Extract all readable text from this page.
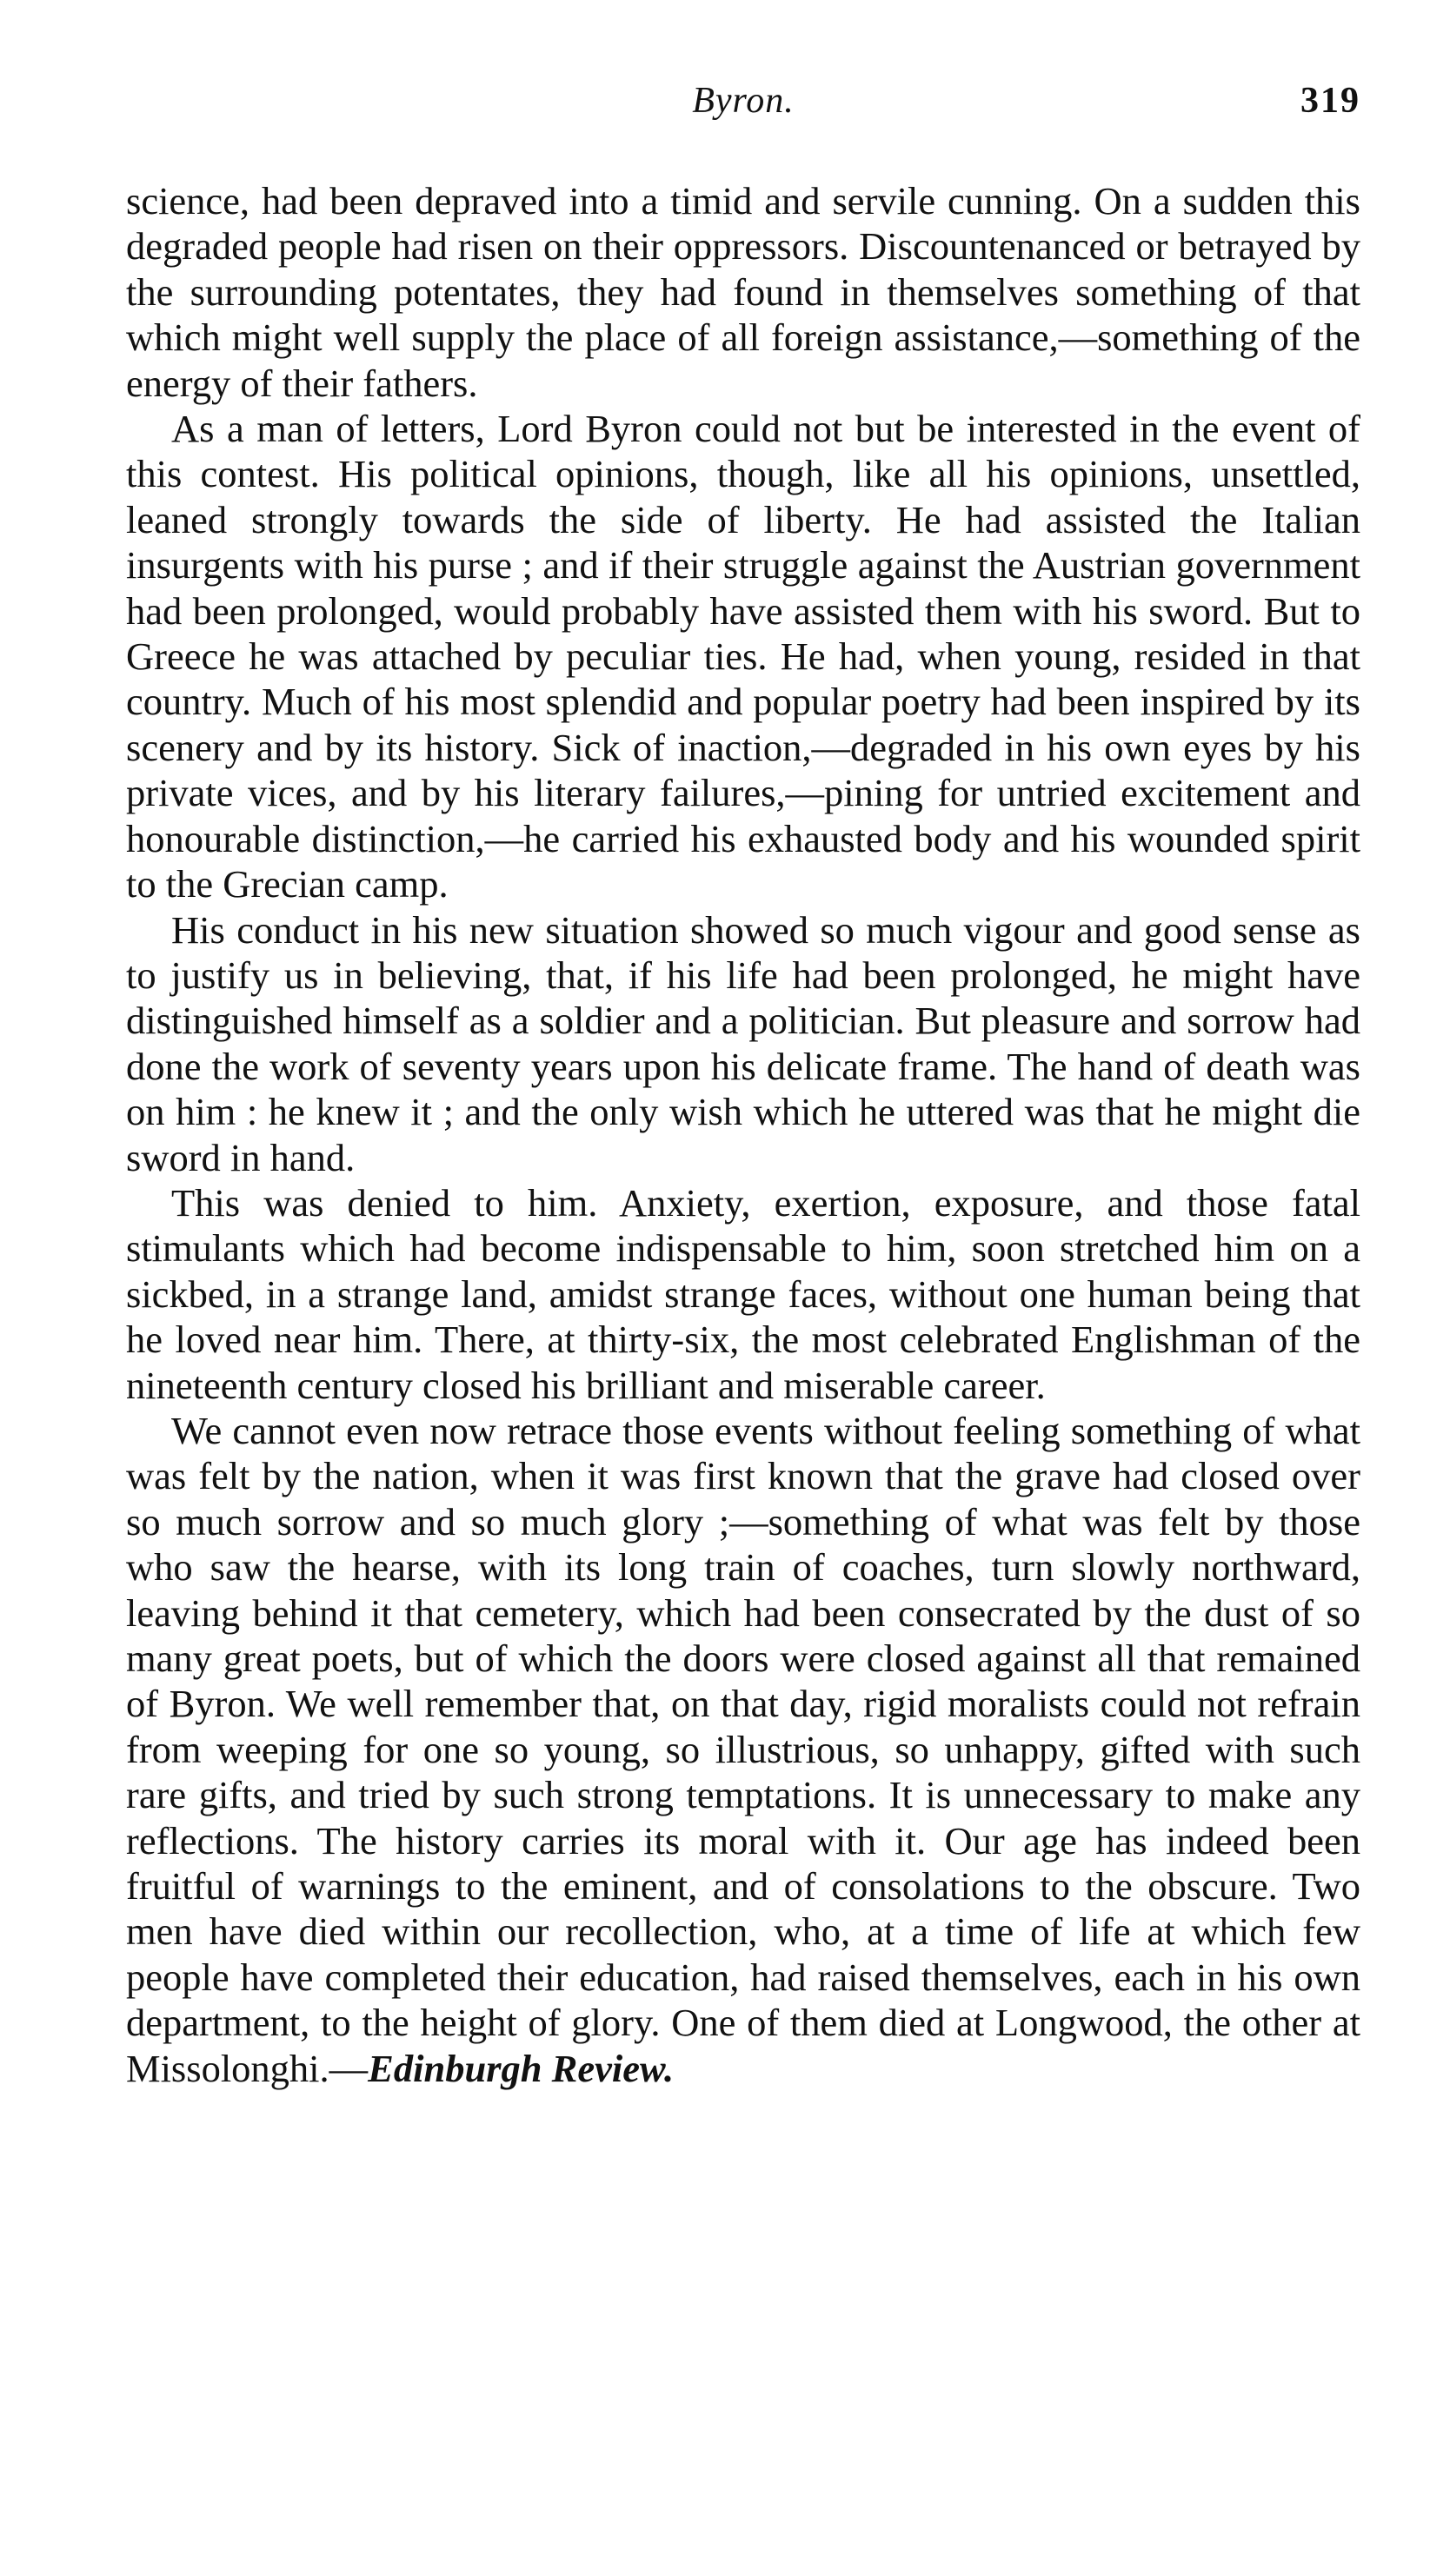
Byron.	319

science, had been depraved into a timid and servile cunning. On a sudden this degraded people had risen on their oppressors. Discountenanced or betrayed by the surrounding potentates, they had found in themselves something of that which might well supply the place of all foreign assistance,—something of the energy of their fathers.

As a man of letters, Lord Byron could not but be interested in the event of this contest. His political opinions, though, like all his opinions, unsettled, leaned strongly towards the side of liberty. He had assisted the Italian insurgents with his purse ; and if their struggle against the Austrian government had been prolonged, would probably have assisted them with his sword. But to Greece he was attached by peculiar ties. He had, when young, resided in that country. Much of his most splendid and popular poetry had been inspired by its scenery and by its history. Sick of inaction,—degraded in his own eyes by his private vices, and by his literary failures,—pining for untried excitement and honourable distinction,—he carried his exhausted body and his wounded spirit to the Grecian camp.

His conduct in his new situation showed so much vigour and good sense as to justify us in believing, that, if his life had been prolonged, he might have distinguished himself as a soldier and a politician. But pleasure and sorrow had done the work of seventy years upon his delicate frame. The hand of death was on him : he knew it ; and the only wish which he uttered was that he might die sword in hand.

This was denied to him. Anxiety, exertion, exposure, and those fatal stimulants which had become indispensable to him, soon stretched him on a sickbed, in a strange land, amidst strange faces, without one human being that he loved near him. There, at thirty-six, the most celebrated Englishman of the nineteenth century closed his brilliant and miserable career.

We cannot even now retrace those events without feeling something of what was felt by the nation, when it was first known that the grave had closed over so much sorrow and so much glory ;—something of what was felt by those who saw the hearse, with its long train of coaches, turn slowly northward, leaving behind it that cemetery, which had been consecrated by the dust of so many great poets, but of which the doors were closed against all that remained of Byron. We well remember that, on that day, rigid moralists could not refrain from weeping for one so young, so illustrious, so unhappy, gifted with such rare gifts, and tried by such strong temptations. It is unnecessary to make any reflections. The history carries its moral with it. Our age has indeed been fruitful of warnings to the eminent, and of consolations to the obscure. Two men have died within our recollection, who, at a time of life at which few people have completed their education, had raised themselves, each in his own department, to the height of glory. One of them died at Longwood, the other at Missolonghi.—Edinburgh Review.
